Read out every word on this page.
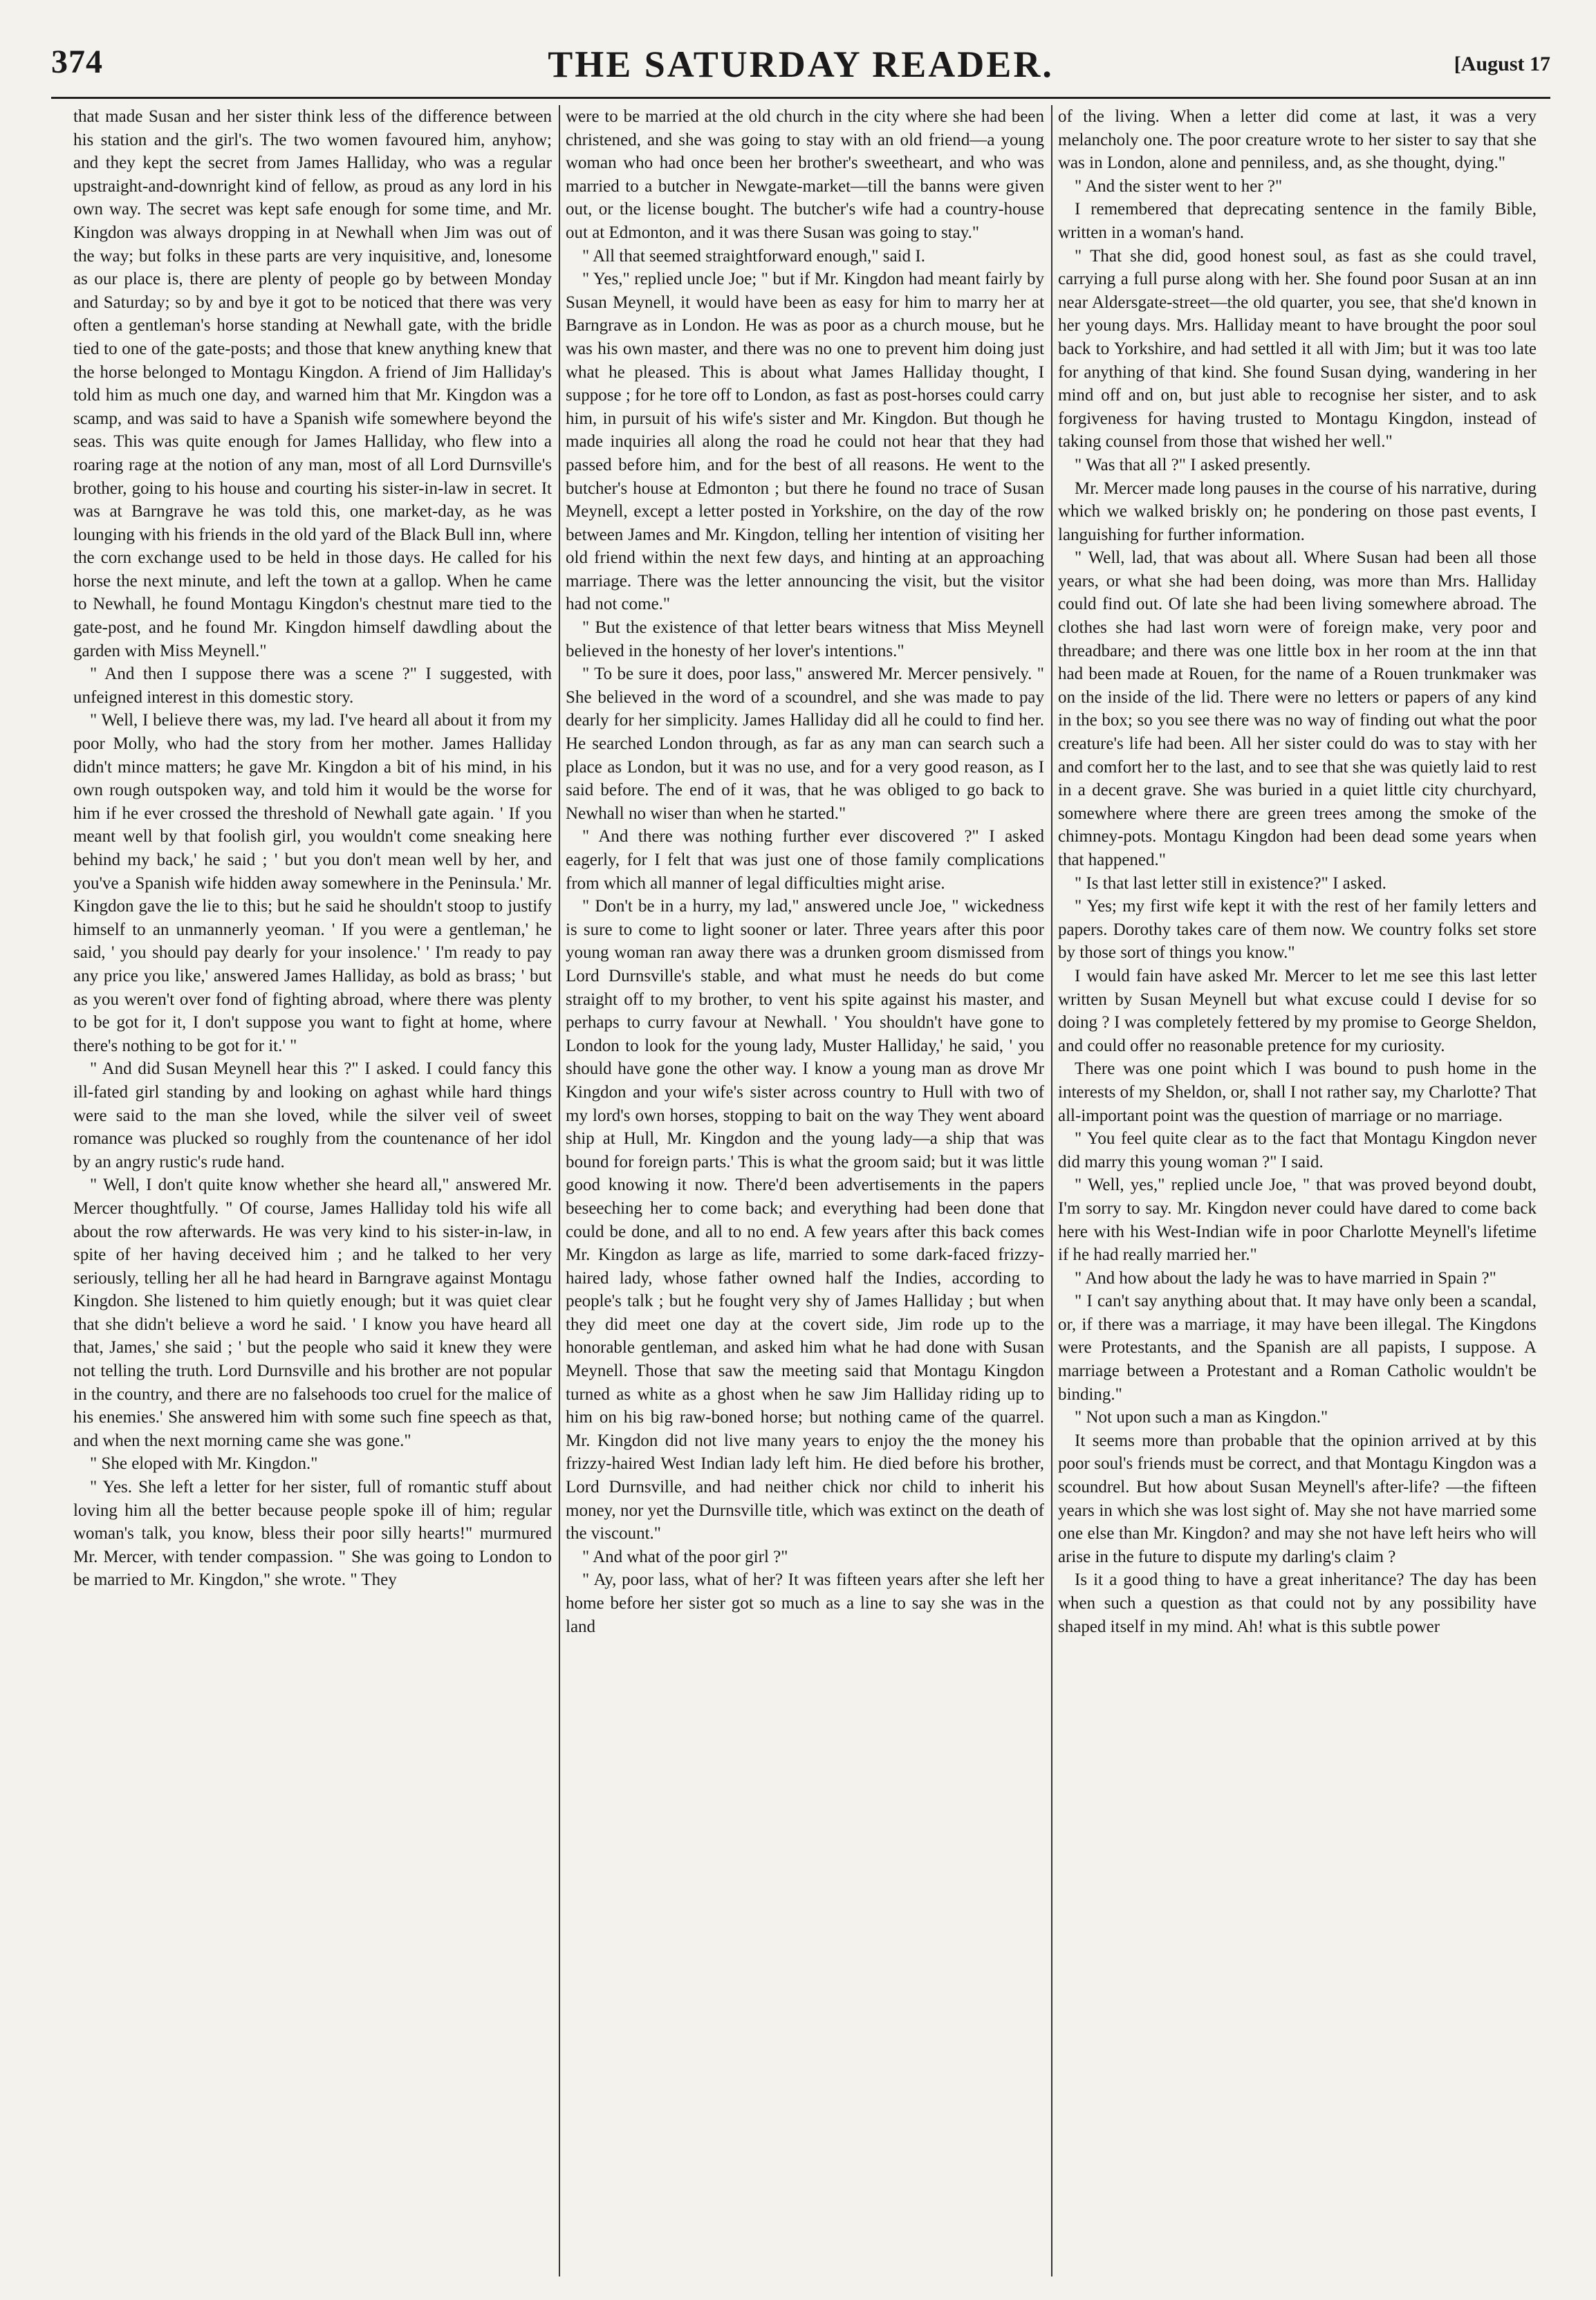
374	THE SATURDAY READER.	[August 17

that made Susan and her sister think less of the difference between his station and the girl's. The two women favoured him, anyhow; and they kept the secret from James Halliday, who was a regular upstraight-and-downright kind of fellow, as proud as any lord in his own way. The secret was kept safe enough for some time, and Mr. Kingdon was always dropping in at Newhall when Jim was out of the way; but folks in these parts are very inquisitive, and, lonesome as our place is, there are plenty of people go by between Monday and Saturday; so by and bye it got to be noticed that there was very often a gentleman's horse standing at Newhall gate, with the bridle tied to one of the gate-posts; and those that knew anything knew that the horse belonged to Montagu Kingdon. A friend of Jim Halliday's told him as much one day, and warned him that Mr. Kingdon was a scamp, and was said to have a Spanish wife somewhere beyond the seas. This was quite enough for James Halliday, who flew into a roaring rage at the notion of any man, most of all Lord Durnsville's brother, going to his house and courting his sister-in-law in secret. It was at Barngrave he was told this, one market-day, as he was lounging with his friends in the old yard of the Black Bull inn, where the corn exchange used to be held in those days. He called for his horse the next minute, and left the town at a gallop. When he came to Newhall, he found Montagu Kingdon's chestnut mare tied to the gate-post, and he found Mr. Kingdon himself dawdling about the garden with Miss Meynell."

" And then I suppose there was a scene ?" I suggested, with unfeigned interest in this domestic story.

" Well, I believe there was, my lad. I've heard all about it from my poor Molly, who had the story from her mother. James Halliday didn't mince matters; he gave Mr. Kingdon a bit of his mind, in his own rough outspoken way, and told him it would be the worse for him if he ever crossed the threshold of Newhall gate again. ' If you meant well by that foolish girl, you wouldn't come sneaking here behind my back,' he said ; ' but you don't mean well by her, and you've a Spanish wife hidden away somewhere in the Peninsula.' Mr. Kingdon gave the lie to this; but he said he shouldn't stoop to justify himself to an unmannerly yeoman. ' If you were a gentleman,' he said, ' you should pay dearly for your insolence.' ' I'm ready to pay any price you like,' answered James Halliday, as bold as brass; ' but as you weren't over fond of fighting abroad, where there was plenty to be got for it, I don't suppose you want to fight at home, where there's nothing to be got for it.' "

" And did Susan Meynell hear this ?" I asked. I could fancy this ill-fated girl standing by and looking on aghast while hard things were said to the man she loved, while the silver veil of sweet romance was plucked so roughly from the countenance of her idol by an angry rustic's rude hand.

" Well, I don't quite know whether she heard all," answered Mr. Mercer thoughtfully. " Of course, James Halliday told his wife all about the row afterwards. He was very kind to his sister-in-law, in spite of her having deceived him ; and he talked to her very seriously, telling her all he had heard in Barngrave against Montagu Kingdon. She listened to him quietly enough; but it was quiet clear that she didn't believe a word he said. ' I know you have heard all that, James,' she said ; ' but the people who said it knew they were not telling the truth. Lord Durnsville and his brother are not popular in the country, and there are no falsehoods too cruel for the malice of his enemies.' She answered him with some such fine speech as that, and when the next morning came she was gone."

" She eloped with Mr. Kingdon."

" Yes. She left a letter for her sister, full of romantic stuff about loving him all the better because people spoke ill of him; regular woman's talk, you know, bless their poor silly hearts!" murmured Mr. Mercer, with tender compassion. " She was going to London to be married to Mr. Kingdon," she wrote. " They

were to be married at the old church in the city where she had been christened, and she was going to stay with an old friend—a young woman who had once been her brother's sweetheart, and who was married to a butcher in Newgate-market—till the banns were given out, or the license bought. The butcher's wife had a country-house out at Edmonton, and it was there Susan was going to stay."

" All that seemed straightforward enough," said I.

" Yes," replied uncle Joe; " but if Mr. Kingdon had meant fairly by Susan Meynell, it would have been as easy for him to marry her at Barngrave as in London. He was as poor as a church mouse, but he was his own master, and there was no one to prevent him doing just what he pleased. This is about what James Halliday thought, I suppose ; for he tore off to London, as fast as post-horses could carry him, in pursuit of his wife's sister and Mr. Kingdon. But though he made inquiries all along the road he could not hear that they had passed before him, and for the best of all reasons. He went to the butcher's house at Edmonton ; but there he found no trace of Susan Meynell, except a letter posted in Yorkshire, on the day of the row between James and Mr. Kingdon, telling her intention of visiting her old friend within the next few days, and hinting at an approaching marriage. There was the letter announcing the visit, but the visitor had not come."

" But the existence of that letter bears witness that Miss Meynell believed in the honesty of her lover's intentions."

" To be sure it does, poor lass," answered Mr. Mercer pensively. " She believed in the word of a scoundrel, and she was made to pay dearly for her simplicity. James Halliday did all he could to find her. He searched London through, as far as any man can search such a place as London, but it was no use, and for a very good reason, as I said before. The end of it was, that he was obliged to go back to Newhall no wiser than when he started."

" And there was nothing further ever discovered ?" I asked eagerly, for I felt that was just one of those family complications from which all manner of legal difficulties might arise.

" Don't be in a hurry, my lad," answered uncle Joe, " wickedness is sure to come to light sooner or later. Three years after this poor young woman ran away there was a drunken groom dismissed from Lord Durnsville's stable, and what must he needs do but come straight off to my brother, to vent his spite against his master, and perhaps to curry favour at Newhall. ' You shouldn't have gone to London to look for the young lady, Muster Halliday,' he said, ' you should have gone the other way. I know a young man as drove Mr Kingdon and your wife's sister across country to Hull with two of my lord's own horses, stopping to bait on the way They went aboard ship at Hull, Mr. Kingdon and the young lady—a ship that was bound for foreign parts.' This is what the groom said; but it was little good knowing it now. There'd been advertisements in the papers beseeching her to come back; and everything had been done that could be done, and all to no end. A few years after this back comes Mr. Kingdon as large as life, married to some dark-faced frizzy-haired lady, whose father owned half the Indies, according to people's talk ; but he fought very shy of James Halliday ; but when they did meet one day at the covert side, Jim rode up to the honorable gentleman, and asked him what he had done with Susan Meynell. Those that saw the meeting said that Montagu Kingdon turned as white as a ghost when he saw Jim Halliday riding up to him on his big raw-boned horse; but nothing came of the quarrel. Mr. Kingdon did not live many years to enjoy the the money his frizzy-haired West Indian lady left him. He died before his brother, Lord Durnsville, and had neither chick nor child to inherit his money, nor yet the Durnsville title, which was extinct on the death of the viscount."

" And what of the poor girl ?"

" Ay, poor lass, what of her? It was fifteen years after she left her home before her sister got so much as a line to say she was in the land

of the living. When a letter did come at last, it was a very melancholy one. The poor creature wrote to her sister to say that she was in London, alone and penniless, and, as she thought, dying."

" And the sister went to her ?"

I remembered that deprecating sentence in the family Bible, written in a woman's hand.

" That she did, good honest soul, as fast as she could travel, carrying a full purse along with her. She found poor Susan at an inn near Aldersgate-street—the old quarter, you see, that she'd known in her young days. Mrs. Halliday meant to have brought the poor soul back to Yorkshire, and had settled it all with Jim; but it was too late for anything of that kind. She found Susan dying, wandering in her mind off and on, but just able to recognise her sister, and to ask forgiveness for having trusted to Montagu Kingdon, instead of taking counsel from those that wished her well."

" Was that all ?" I asked presently.

Mr. Mercer made long pauses in the course of his narrative, during which we walked briskly on; he pondering on those past events, I languishing for further information.

" Well, lad, that was about all. Where Susan had been all those years, or what she had been doing, was more than Mrs. Halliday could find out. Of late she had been living somewhere abroad. The clothes she had last worn were of foreign make, very poor and threadbare; and there was one little box in her room at the inn that had been made at Rouen, for the name of a Rouen trunkmaker was on the inside of the lid. There were no letters or papers of any kind in the box; so you see there was no way of finding out what the poor creature's life had been. All her sister could do was to stay with her and comfort her to the last, and to see that she was quietly laid to rest in a decent grave. She was buried in a quiet little city churchyard, somewhere where there are green trees among the smoke of the chimney-pots. Montagu Kingdon had been dead some years when that happened."

" Is that last letter still in existence?" I asked.

" Yes; my first wife kept it with the rest of her family letters and papers. Dorothy takes care of them now. We country folks set store by those sort of things you know."

I would fain have asked Mr. Mercer to let me see this last letter written by Susan Meynell but what excuse could I devise for so doing ? I was completely fettered by my promise to George Sheldon, and could offer no reasonable pretence for my curiosity.

There was one point which I was bound to push home in the interests of my Sheldon, or, shall I not rather say, my Charlotte? That all-important point was the question of marriage or no marriage.

" You feel quite clear as to the fact that Montagu Kingdon never did marry this young woman ?" I said.

" Well, yes," replied uncle Joe, " that was proved beyond doubt, I'm sorry to say. Mr. Kingdon never could have dared to come back here with his West-Indian wife in poor Charlotte Meynell's lifetime if he had really married her."

" And how about the lady he was to have married in Spain ?"

" I can't say anything about that. It may have only been a scandal, or, if there was a marriage, it may have been illegal. The Kingdons were Protestants, and the Spanish are all papists, I suppose. A marriage between a Protestant and a Roman Catholic wouldn't be binding."

" Not upon such a man as Kingdon."

It seems more than probable that the opinion arrived at by this poor soul's friends must be correct, and that Montagu Kingdon was a scoundrel. But how about Susan Meynell's after-life? —the fifteen years in which she was lost sight of. May she not have married some one else than Mr. Kingdon? and may she not have left heirs who will arise in the future to dispute my darling's claim ?

Is it a good thing to have a great inheritance? The day has been when such a question as that could not by any possibility have shaped itself in my mind. Ah! what is this subtle power
